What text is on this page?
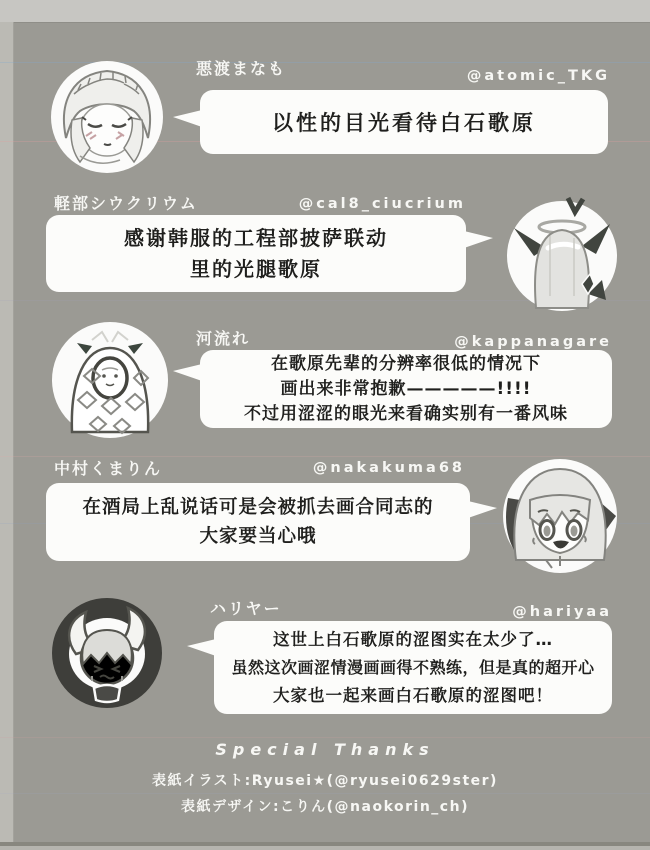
悪渡まなも	@atomic_TKG
以性的目光看待白石歌原
軽部シウクリウム	@cal8_ciucrium
感谢韩服的工程部披萨联动
里的光腿歌原
河流れ	@kappanagare
在歌原先辈的分辨率很低的情况下
画出来非常抱歉—————!!!!
不过用涩涩的眼光来看确实别有一番风味
中村くまりん	@nakakuma68
在酒局上乱说话可是会被抓去画合同志的
大家要当心哦
ハリヤー	@hariyaa
这世上白石歌原的涩图实在太少了…
虽然这次画涩情漫画画得不熟练，但是真的超开心
大家也一起来画白石歌原的涩图吧！
Special Thanks
表紙イラスト:Ryusei★(@ryusei0629ster)
表紙デザイン:こりん(@naokorin_ch)
